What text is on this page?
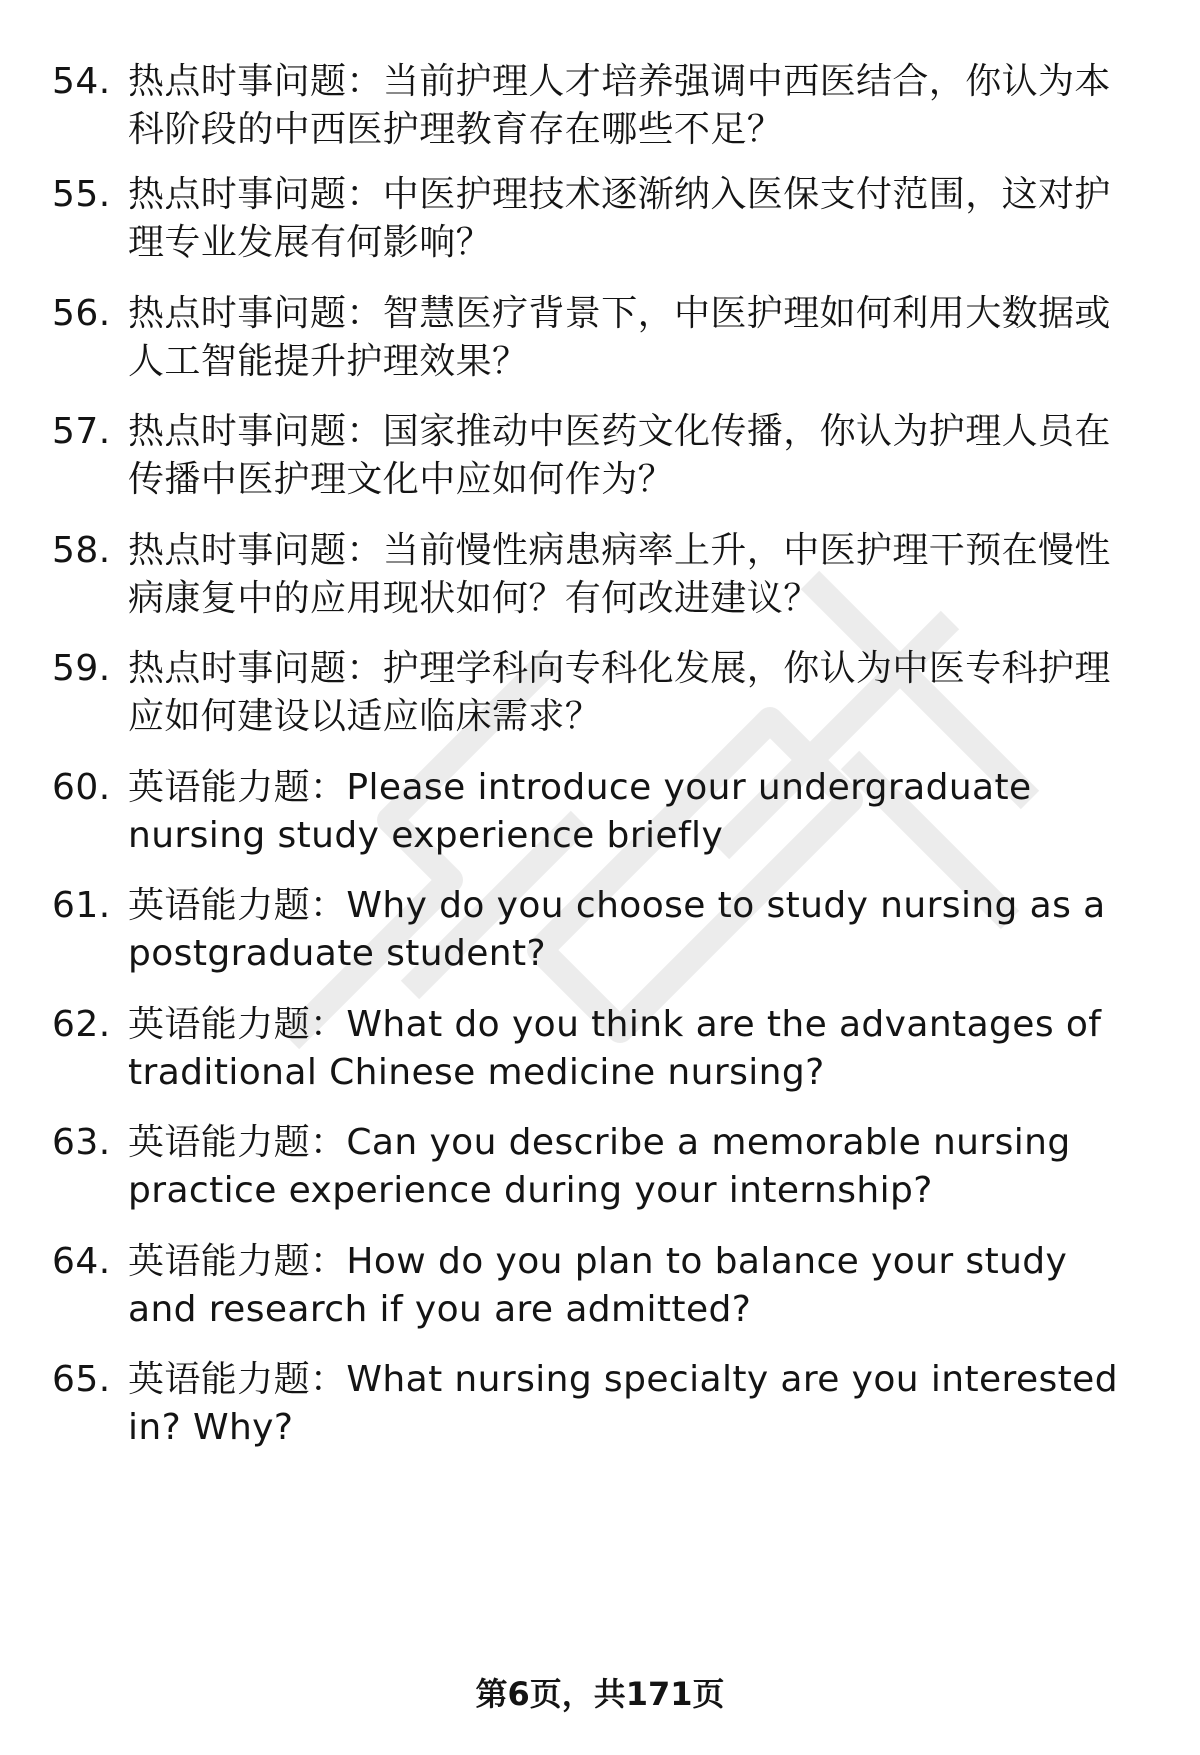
54. 热点时事问题：当前护理人才培养强调中西医结合，你认为本科阶段的中西医护理教育存在哪些不足？
55. 热点时事问题：中医护理技术逐渐纳入医保支付范围，这对护理专业发展有何影响？
56. 热点时事问题：智慧医疗背景下，中医护理如何利用大数据或人工智能提升护理效果？
57. 热点时事问题：国家推动中医药文化传播，你认为护理人员在传播中医护理文化中应如何作为？
58. 热点时事问题：当前慢性病患病率上升，中医护理干预在慢性病康复中的应用现状如何？有何改进建议？
59. 热点时事问题：护理学科向专科化发展，你认为中医专科护理应如何建设以适应临床需求？
60. 英语能力题：Please introduce your undergraduate nursing study experience briefly
61. 英语能力题：Why do you choose to study nursing as a postgraduate student?
62. 英语能力题：What do you think are the advantages of traditional Chinese medicine nursing?
63. 英语能力题：Can you describe a memorable nursing practice experience during your internship?
64. 英语能力题：How do you plan to balance your study and research if you are admitted?
65. 英语能力题：What nursing specialty are you interested in? Why?
第6页，共171页
